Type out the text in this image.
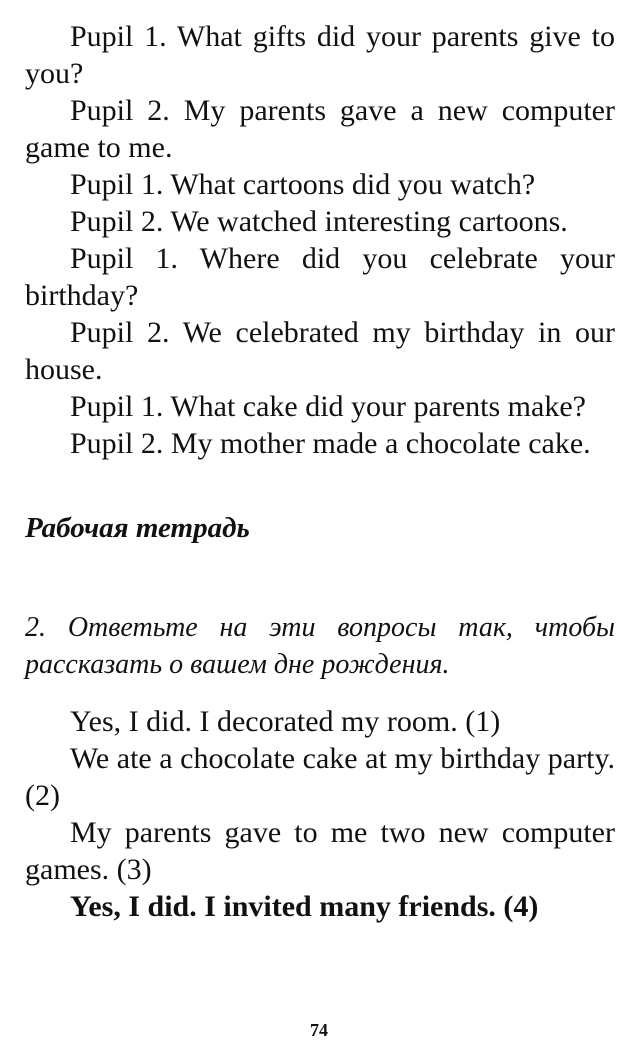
Pupil 1. What gifts did your parents give to you?

Pupil 2. My parents gave a new computer game to me.

Pupil 1. What cartoons did you watch?

Pupil 2. We watched interesting cartoons.

Pupil 1. Where did you celebrate your birthday?

Pupil 2. We celebrated my birthday in our house.

Pupil 1. What cake did your parents make?

Pupil 2. My mother made a chocolate cake.

Рабочая тетрадь
2. Ответьте на эти вопросы так, чтобы рассказать о вашем дне рождения.

Yes, I did. I decorated my room. (1)

We ate a chocolate cake at my birthday party. (2)

My parents gave to me two new computer games. (3)

Yes, I did. I invited many friends. (4)

74
